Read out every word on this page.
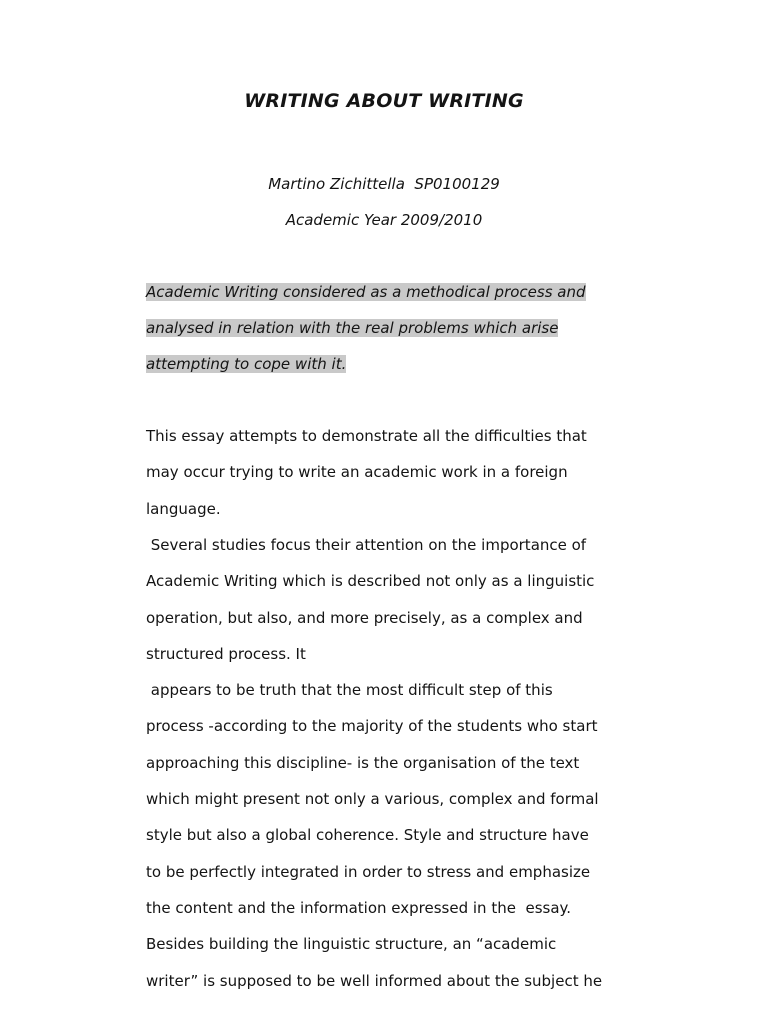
WRITING ABOUT WRITING
Martino Zichittella  SP0100129
Academic Year 2009/2010
Academic Writing considered as a methodical process and
analysed in relation with the real problems which arise
attempting to cope with it.
This essay attempts to demonstrate all the difficulties that
may occur trying to write an academic work in a foreign
language.
Several studies focus their attention on the importance of
Academic Writing which is described not only as a linguistic
operation, but also, and more precisely, as a complex and
structured process. It
appears to be truth that the most difficult step of this
process -according to the majority of the students who start
approaching this discipline- is the organisation of the text
which might present not only a various, complex and formal
style but also a global coherence. Style and structure have
to be perfectly integrated in order to stress and emphasize
the content and the information expressed in the  essay.
Besides building the linguistic structure, an “academic
writer” is supposed to be well informed about the subject he
